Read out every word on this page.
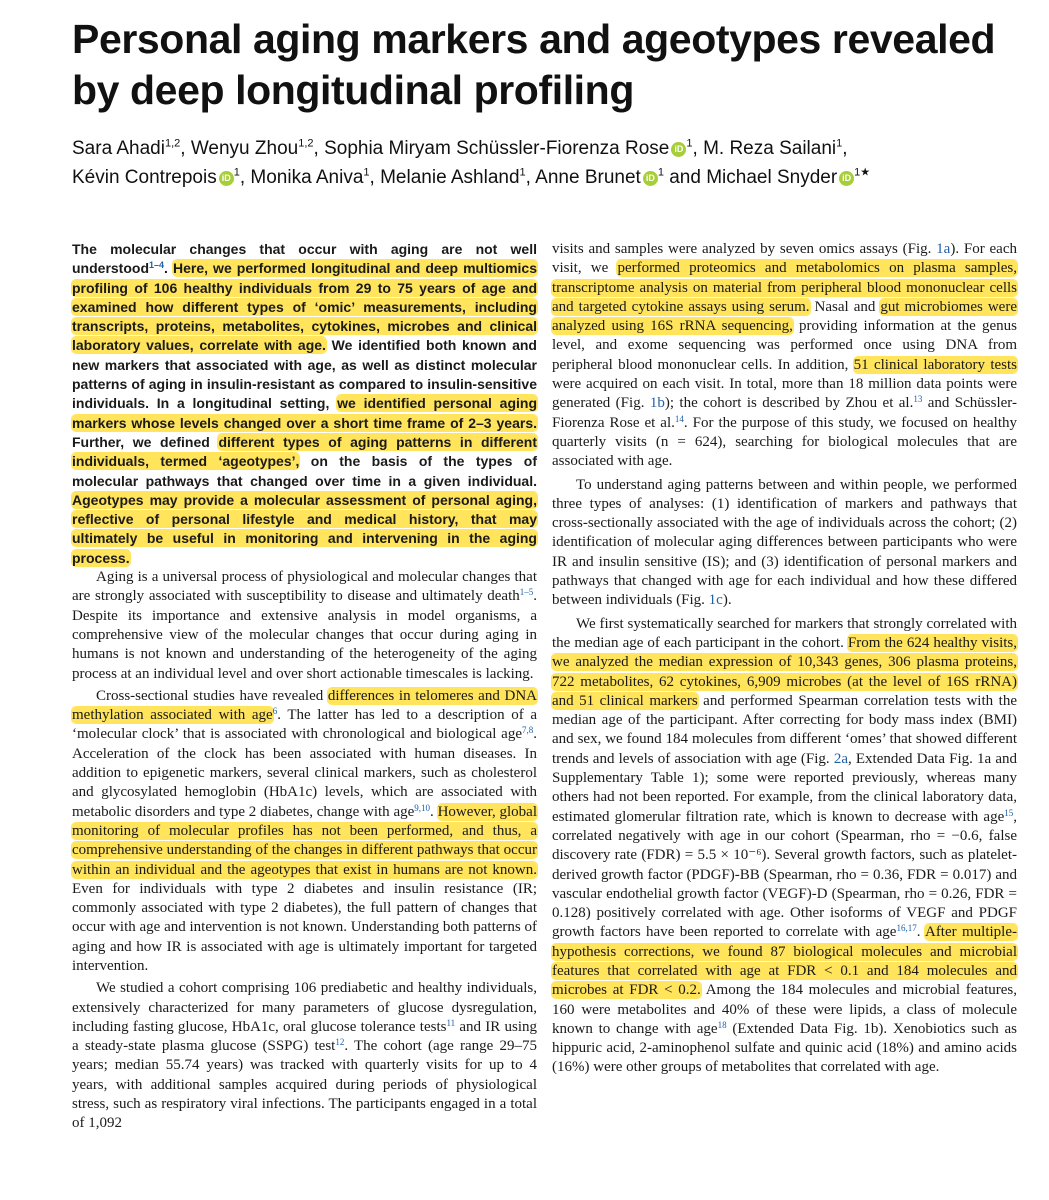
Personal aging markers and ageotypes revealed by deep longitudinal profiling
Sara Ahadi$^{1,2}$, Wenyu Zhou$^{1,2}$, Sophia Miryam Schüssler-Fiorenza Rose iD $^1$, M. Reza Sailani$^1$,
Kévin Contrepois iD $^1$, Monika Aniva$^1$, Melanie Ashland$^1$, Anne Brunet iD $^1$ and Michael Snyder iD $^{1★}$

The molecular changes that occur with aging are not well understood$^{1-4}$. Here, we performed longitudinal and deep multiomics profiling of 106 healthy individuals from 29 to 75 years of age and examined how different types of ‘omic’ measurements, including transcripts, proteins, metabolites, cytokines, microbes and clinical laboratory values, correlate with age. We identified both known and new markers that associated with age, as well as distinct molecular patterns of aging in insulin-resistant as compared to insulin-sensitive individuals. In a longitudinal setting, we identified personal aging markers whose levels changed over a short time frame of 2–3 years. Further, we defined different types of aging patterns in different individuals, termed ‘ageotypes’, on the basis of the types of molecular pathways that changed over time in a given individual. Ageotypes may provide a molecular assessment of personal aging, reflective of personal lifestyle and medical history, that may ultimately be useful in monitoring and intervening in the aging process.

Aging is a universal process of physiological and molecular changes that are strongly associated with susceptibility to disease and ultimately death$^{1-5}$. Despite its importance and extensive analysis in model organisms, a comprehensive view of the molecular changes that occur during aging in humans is not known and understanding of the heterogeneity of the aging process at an individual level and over short actionable timescales is lacking.

Cross-sectional studies have revealed differences in telomeres and DNA methylation associated with age$^6$. The latter has led to a description of a ‘molecular clock’ that is associated with chronological and biological age$^{7,8}$. Acceleration of the clock has been associated with human diseases. In addition to epigenetic markers, several clinical markers, such as cholesterol and glycosylated hemoglobin (HbA1c) levels, which are associated with metabolic disorders and type 2 diabetes, change with age$^{9,10}$. However, global monitoring of molecular profiles has not been performed, and thus, a comprehensive understanding of the changes in different pathways that occur within an individual and the ageotypes that exist in humans are not known. Even for individuals with type 2 diabetes and insulin resistance (IR; commonly associated with type 2 diabetes), the full pattern of changes that occur with age and intervention is not known. Understanding both patterns of aging and how IR is associated with age is ultimately important for targeted intervention.

We studied a cohort comprising 106 prediabetic and healthy individuals, extensively characterized for many parameters of glucose dysregulation, including fasting glucose, HbA1c, oral glucose tolerance tests$^{11}$ and IR using a steady-state plasma glucose (SSPG) test$^{12}$. The cohort (age range 29–75 years; median 55.74 years) was tracked with quarterly visits for up to 4 years, with additional samples acquired during periods of physiological stress, such as respiratory viral infections. The participants engaged in a total of 1,092

visits and samples were analyzed by seven omics assays (Fig. 1a). For each visit, we performed proteomics and metabolomics on plasma samples, transcriptome analysis on material from peripheral blood mononuclear cells and targeted cytokine assays using serum. Nasal and gut microbiomes were analyzed using 16S rRNA sequencing, providing information at the genus level, and exome sequencing was performed once using DNA from peripheral blood mononuclear cells. In addition, 51 clinical laboratory tests were acquired on each visit. In total, more than 18 million data points were generated (Fig. 1b); the cohort is described by Zhou et al.$^{13}$ and Schüssler-Fiorenza Rose et al.$^{14}$. For the purpose of this study, we focused on healthy quarterly visits (n = 624), searching for biological molecules that are associated with age.

To understand aging patterns between and within people, we performed three types of analyses: (1) identification of markers and pathways that cross-sectionally associated with the age of individuals across the cohort; (2) identification of molecular aging differences between participants who were IR and insulin sensitive (IS); and (3) identification of personal markers and pathways that changed with age for each individual and how these differed between individuals (Fig. 1c).

We first systematically searched for markers that strongly correlated with the median age of each participant in the cohort. From the 624 healthy visits, we analyzed the median expression of 10,343 genes, 306 plasma proteins, 722 metabolites, 62 cytokines, 6,909 microbes (at the level of 16S rRNA) and 51 clinical markers and performed Spearman correlation tests with the median age of the participant. After correcting for body mass index (BMI) and sex, we found 184 molecules from different ‘omes’ that showed different trends and levels of association with age (Fig. 2a, Extended Data Fig. 1a and Supplementary Table 1); some were reported previously, whereas many others had not been reported. For example, from the clinical laboratory data, estimated glomerular filtration rate, which is known to decrease with age$^{15}$, correlated negatively with age in our cohort (Spearman, rho = −0.6, false discovery rate (FDR) = 5.5 × 10⁻⁶). Several growth factors, such as platelet-derived growth factor (PDGF)-BB (Spearman, rho = 0.36, FDR = 0.017) and vascular endothelial growth factor (VEGF)-D (Spearman, rho = 0.26, FDR = 0.128) positively correlated with age. Other isoforms of VEGF and PDGF growth factors have been reported to correlate with age$^{16,17}$. After multiple-hypothesis corrections, we found 87 biological molecules and microbial features that correlated with age at FDR < 0.1 and 184 molecules and microbes at FDR < 0.2. Among the 184 molecules and microbial features, 160 were metabolites and 40% of these were lipids, a class of molecule known to change with age$^{18}$ (Extended Data Fig. 1b). Xenobiotics such as hippuric acid, 2-aminophenol sulfate and quinic acid (18%) and amino acids (16%) were other groups of metabolites that correlated with age.
